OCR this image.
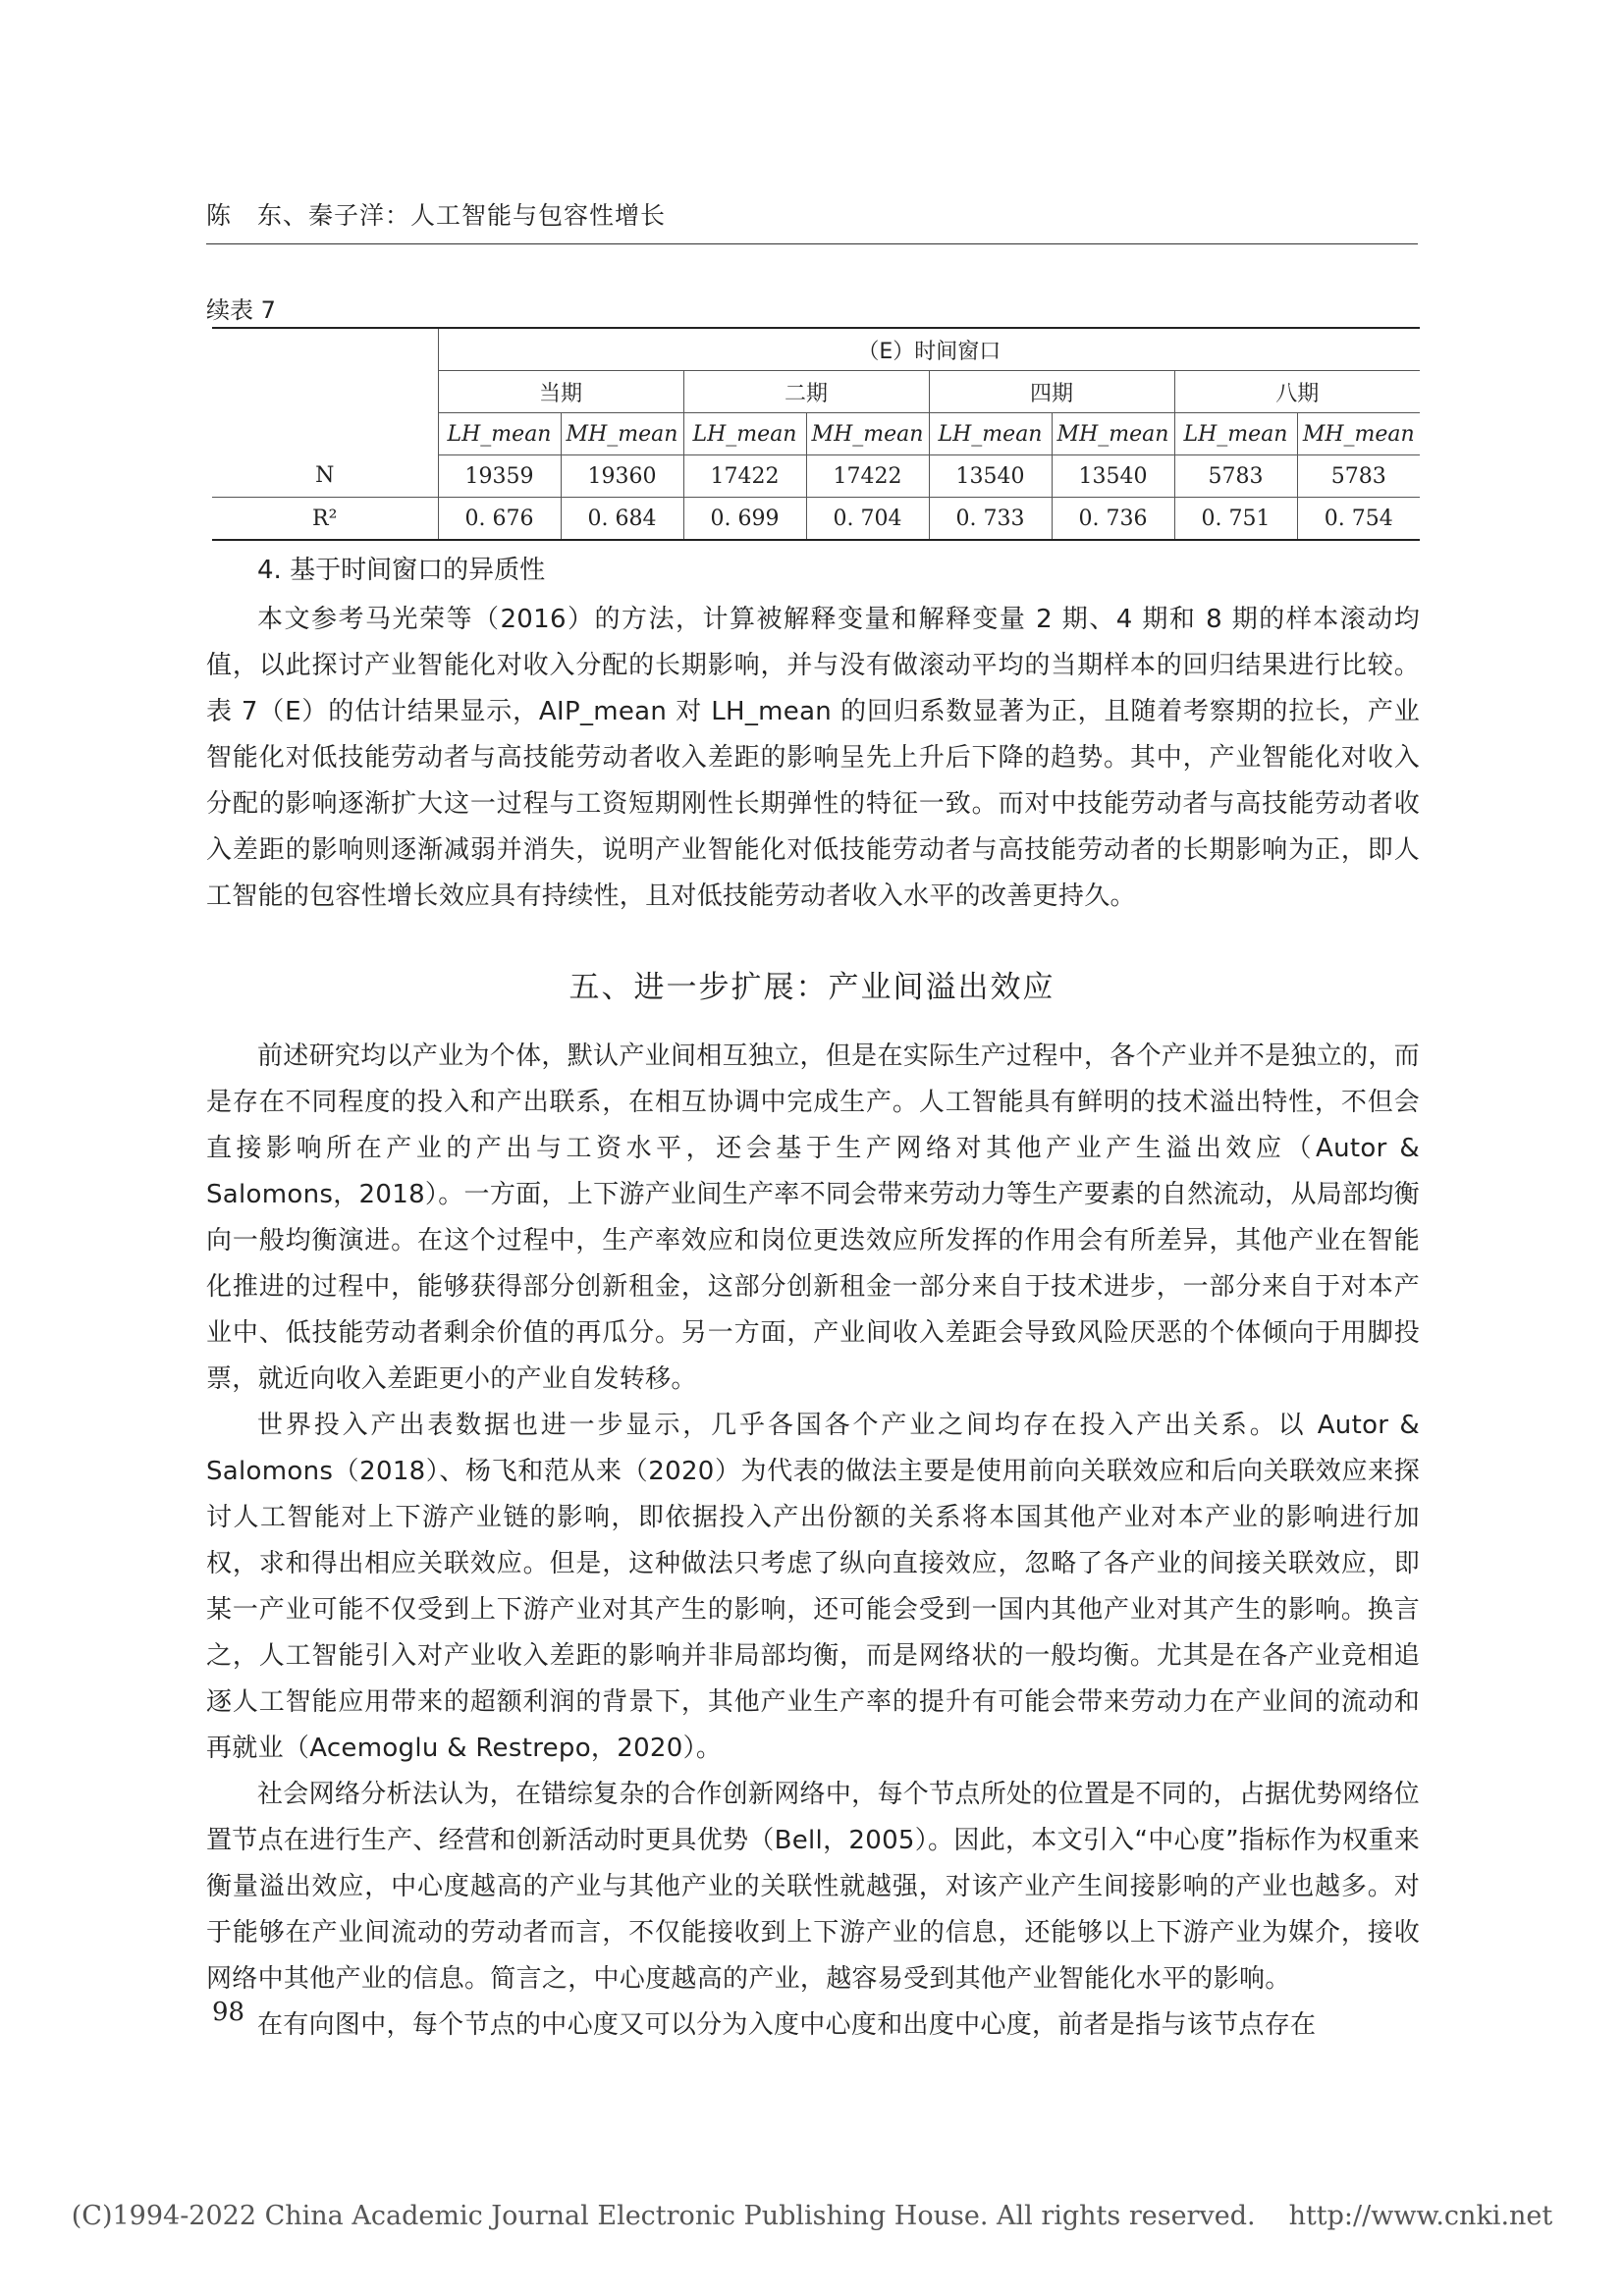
陈　东、秦子洋：人工智能与包容性增长
续表 7
	（E）时间窗口							
	当期		二期		四期		八期	
	LH_mean	MH_mean	LH_mean	MH_mean	LH_mean	MH_mean	LH_mean	MH_mean
N	19359	19360	17422	17422	13540	13540	5783	5783
R²	0. 676	0. 684	0. 699	0. 704	0. 733	0. 736	0. 751	0. 754
4. 基于时间窗口的异质性

本文参考马光荣等（2016）的方法，计算被解释变量和解释变量 2 期、4 期和 8 期的样本滚动均值，以此探讨产业智能化对收入分配的长期影响，并与没有做滚动平均的当期样本的回归结果进行比较。表 7（E）的估计结果显示，AIP_mean 对 LH_mean 的回归系数显著为正，且随着考察期的拉长，产业智能化对低技能劳动者与高技能劳动者收入差距的影响呈先上升后下降的趋势。其中，产业智能化对收入分配的影响逐渐扩大这一过程与工资短期刚性长期弹性的特征一致。而对中技能劳动者与高技能劳动者收入差距的影响则逐渐减弱并消失，说明产业智能化对低技能劳动者与高技能劳动者的长期影响为正，即人工智能的包容性增长效应具有持续性，且对低技能劳动者收入水平的改善更持久。

五、进一步扩展：产业间溢出效应

前述研究均以产业为个体，默认产业间相互独立，但是在实际生产过程中，各个产业并不是独立的，而是存在不同程度的投入和产出联系，在相互协调中完成生产。人工智能具有鲜明的技术溢出特性，不但会直接影响所在产业的产出与工资水平，还会基于生产网络对其他产业产生溢出效应（Autor & Salomons，2018）。一方面，上下游产业间生产率不同会带来劳动力等生产要素的自然流动，从局部均衡向一般均衡演进。在这个过程中，生产率效应和岗位更迭效应所发挥的作用会有所差异，其他产业在智能化推进的过程中，能够获得部分创新租金，这部分创新租金一部分来自于技术进步，一部分来自于对本产业中、低技能劳动者剩余价值的再瓜分。另一方面，产业间收入差距会导致风险厌恶的个体倾向于用脚投票，就近向收入差距更小的产业自发转移。

世界投入产出表数据也进一步显示，几乎各国各个产业之间均存在投入产出关系。以 Autor & Salomons（2018）、杨飞和范从来（2020）为代表的做法主要是使用前向关联效应和后向关联效应来探讨人工智能对上下游产业链的影响，即依据投入产出份额的关系将本国其他产业对本产业的影响进行加权，求和得出相应关联效应。但是，这种做法只考虑了纵向直接效应，忽略了各产业的间接关联效应，即某一产业可能不仅受到上下游产业对其产生的影响，还可能会受到一国内其他产业对其产生的影响。换言之，人工智能引入对产业收入差距的影响并非局部均衡，而是网络状的一般均衡。尤其是在各产业竞相追逐人工智能应用带来的超额利润的背景下，其他产业生产率的提升有可能会带来劳动力在产业间的流动和再就业（Acemoglu & Restrepo，2020）。

社会网络分析法认为，在错综复杂的合作创新网络中，每个节点所处的位置是不同的，占据优势网络位置节点在进行生产、经营和创新活动时更具优势（Bell，2005）。因此，本文引入“中心度”指标作为权重来衡量溢出效应，中心度越高的产业与其他产业的关联性就越强，对该产业产生间接影响的产业也越多。对于能够在产业间流动的劳动者而言，不仅能接收到上下游产业的信息，还能够以上下游产业为媒介，接收网络中其他产业的信息。简言之，中心度越高的产业，越容易受到其他产业智能化水平的影响。

在有向图中，每个节点的中心度又可以分为入度中心度和出度中心度，前者是指与该节点存在

98
(C)1994-2022 China Academic Journal Electronic Publishing House. All rights reserved. http://www.cnki.net
